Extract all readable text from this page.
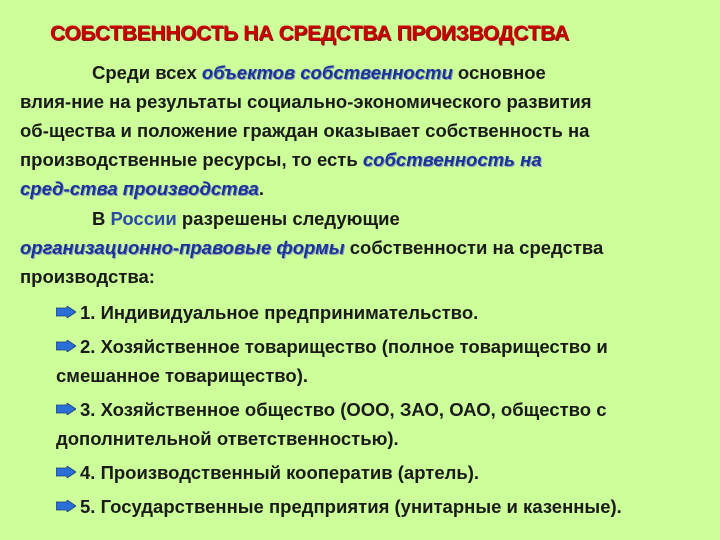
СОБСТВЕННОСТЬ НА СРЕДСТВА ПРОИЗВОДСТВА
Среди всех объектов собственности основное
влия-ние на результаты социально-экономического развития
об-щества и положение граждан оказывает собственность на
производственные ресурсы, то есть собственность на
сред-ства производства.
В России разрешены следующие
организационно-правовые формы собственности на средства
производства:
1. Индивидуальное предпринимательство.
2. Хозяйственное товарищество (полное товарищество и смешанное товарищество).
3. Хозяйственное общество (ООО, ЗАО, ОАО, общество с дополнительной ответственностью).
4. Производственный кооператив (артель).
5. Государственные предприятия (унитарные и казенные).
